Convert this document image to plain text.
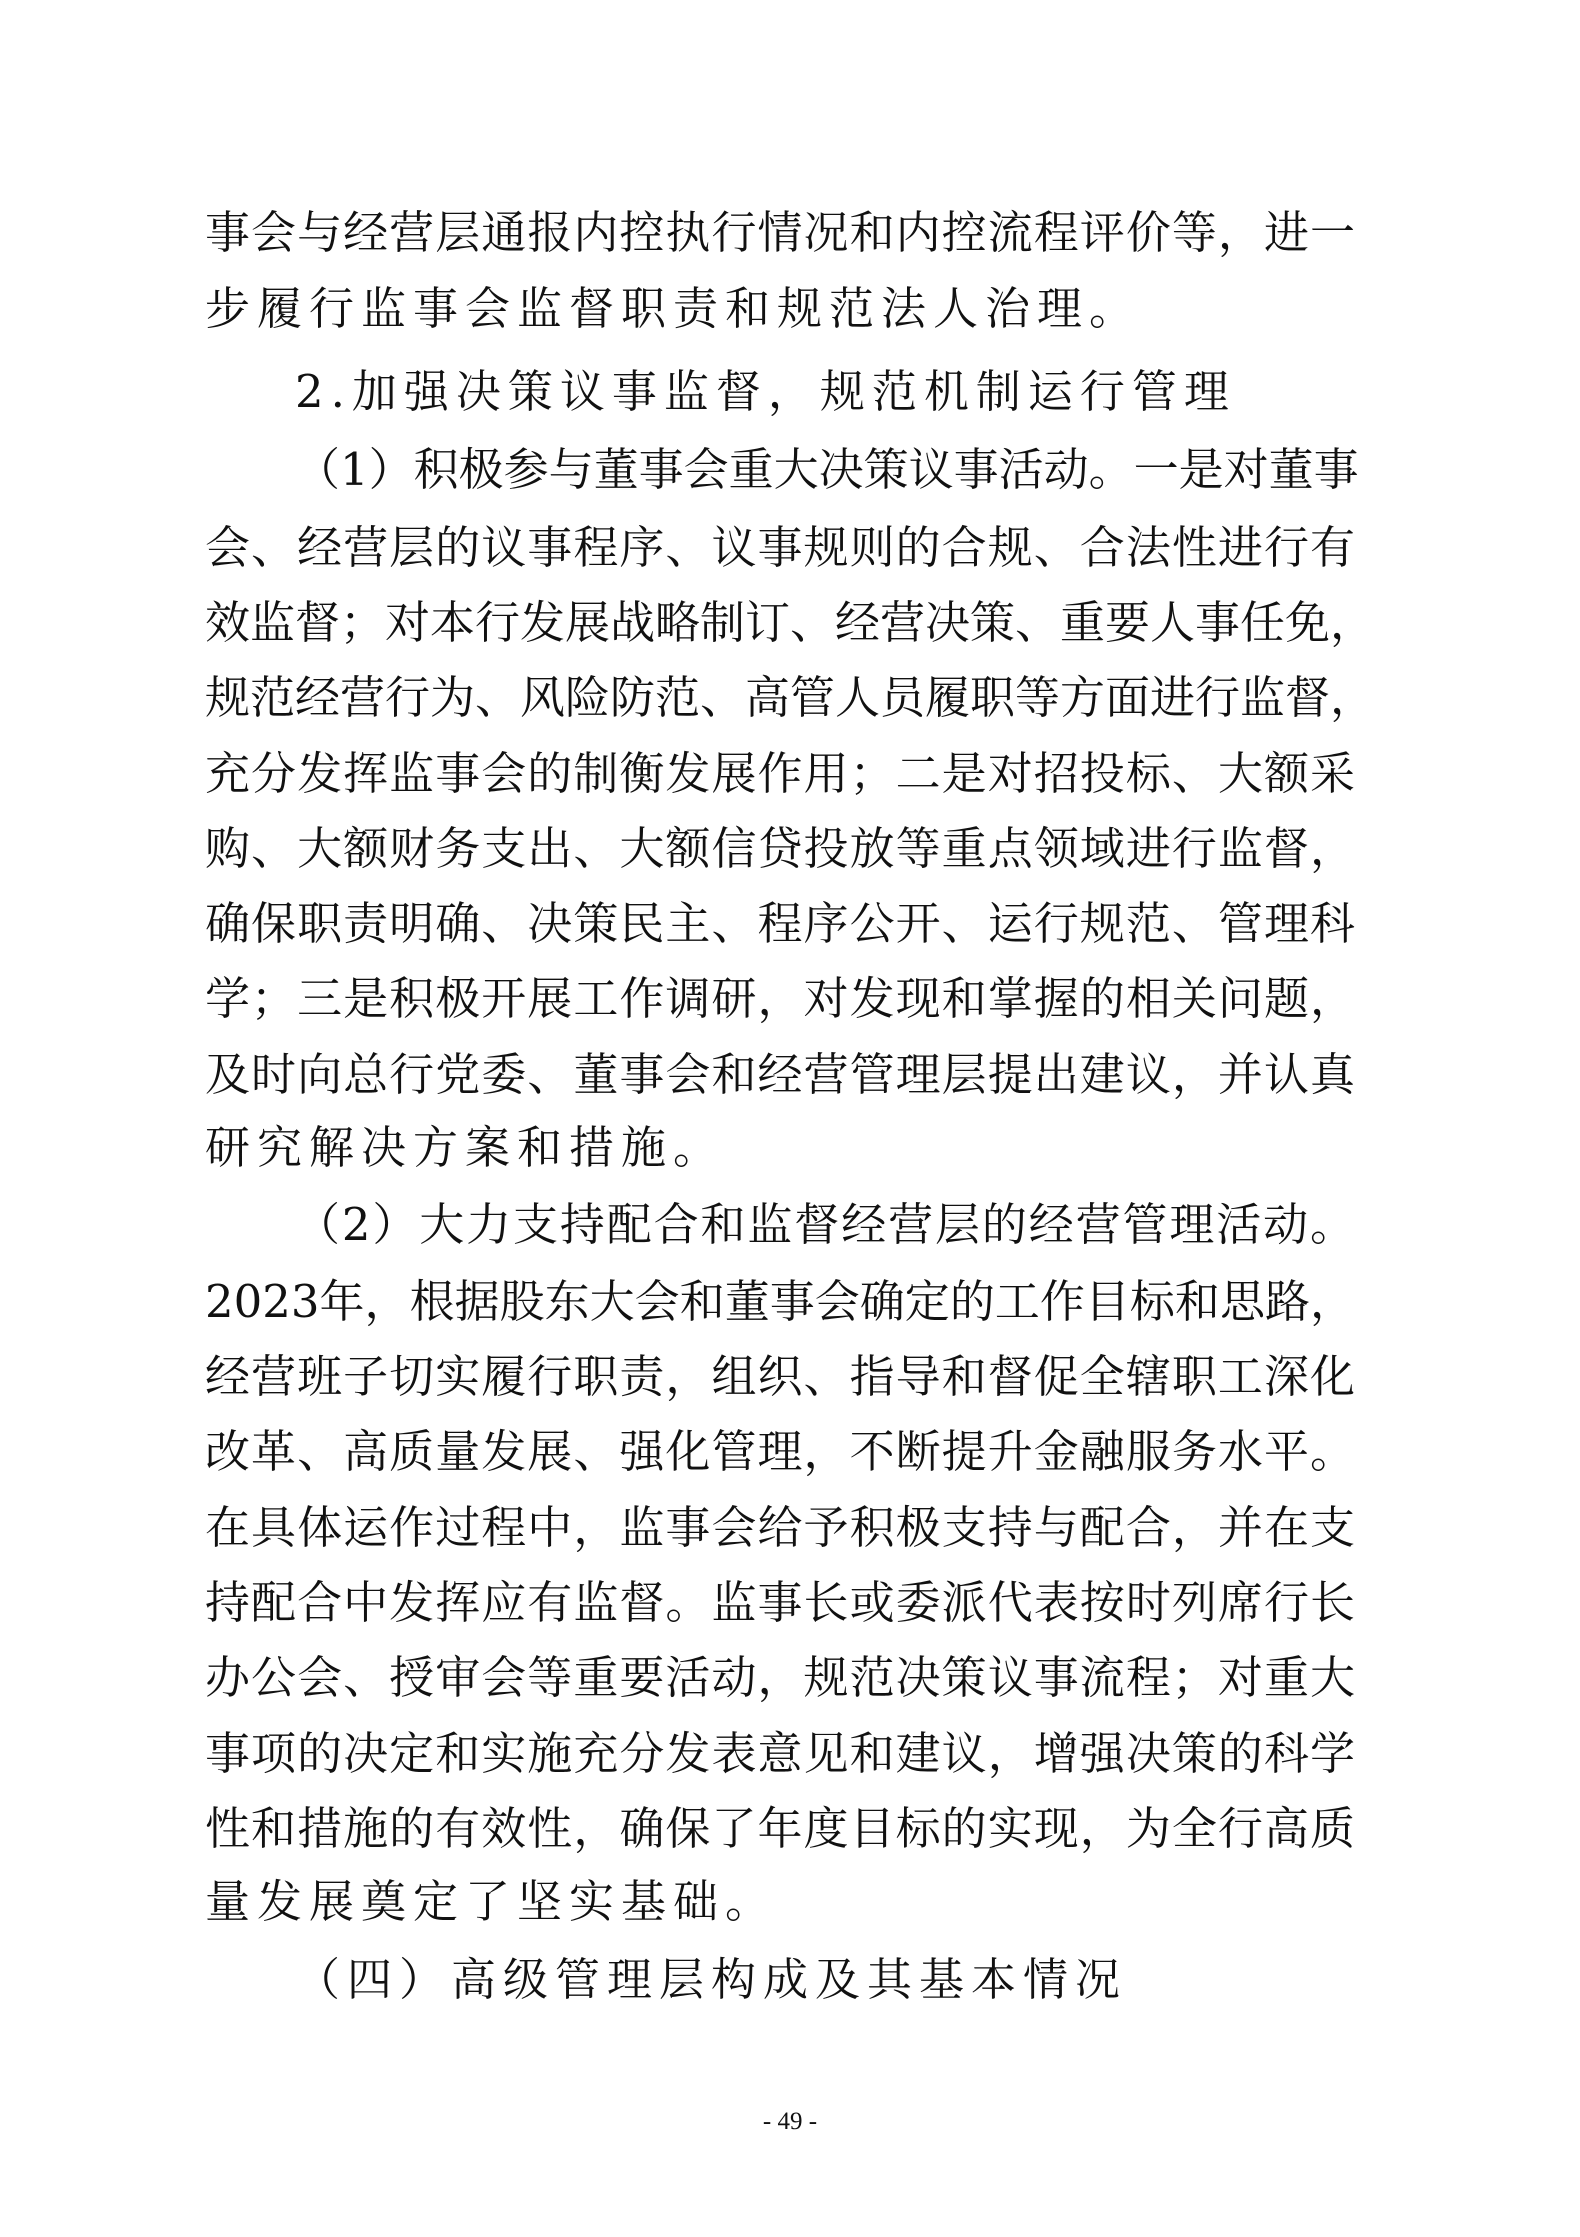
事会与经营层通报内控执行情况和内控流程评价等，进一
步履行监事会监督职责和规范法人治理。
2.加强决策议事监督，规范机制运行管理
（1）积极参与董事会重大决策议事活动。一是对董事
会、经营层的议事程序、议事规则的合规、合法性进行有
效监督；对本行发展战略制订、经营决策、重要人事任免，
规范经营行为、风险防范、高管人员履职等方面进行监督，
充分发挥监事会的制衡发展作用；二是对招投标、大额采
购、大额财务支出、大额信贷投放等重点领域进行监督，
确保职责明确、决策民主、程序公开、运行规范、管理科
学；三是积极开展工作调研，对发现和掌握的相关问题，
及时向总行党委、董事会和经营管理层提出建议，并认真
研究解决方案和措施。
（2）大力支持配合和监督经营层的经营管理活动。
2023年，根据股东大会和董事会确定的工作目标和思路，
经营班子切实履行职责，组织、指导和督促全辖职工深化
改革、高质量发展、强化管理，不断提升金融服务水平。
在具体运作过程中，监事会给予积极支持与配合，并在支
持配合中发挥应有监督。监事长或委派代表按时列席行长
办公会、授审会等重要活动，规范决策议事流程；对重大
事项的决定和实施充分发表意见和建议，增强决策的科学
性和措施的有效性，确保了年度目标的实现，为全行高质
量发展奠定了坚实基础。
（四）高级管理层构成及其基本情况
- 49 -
